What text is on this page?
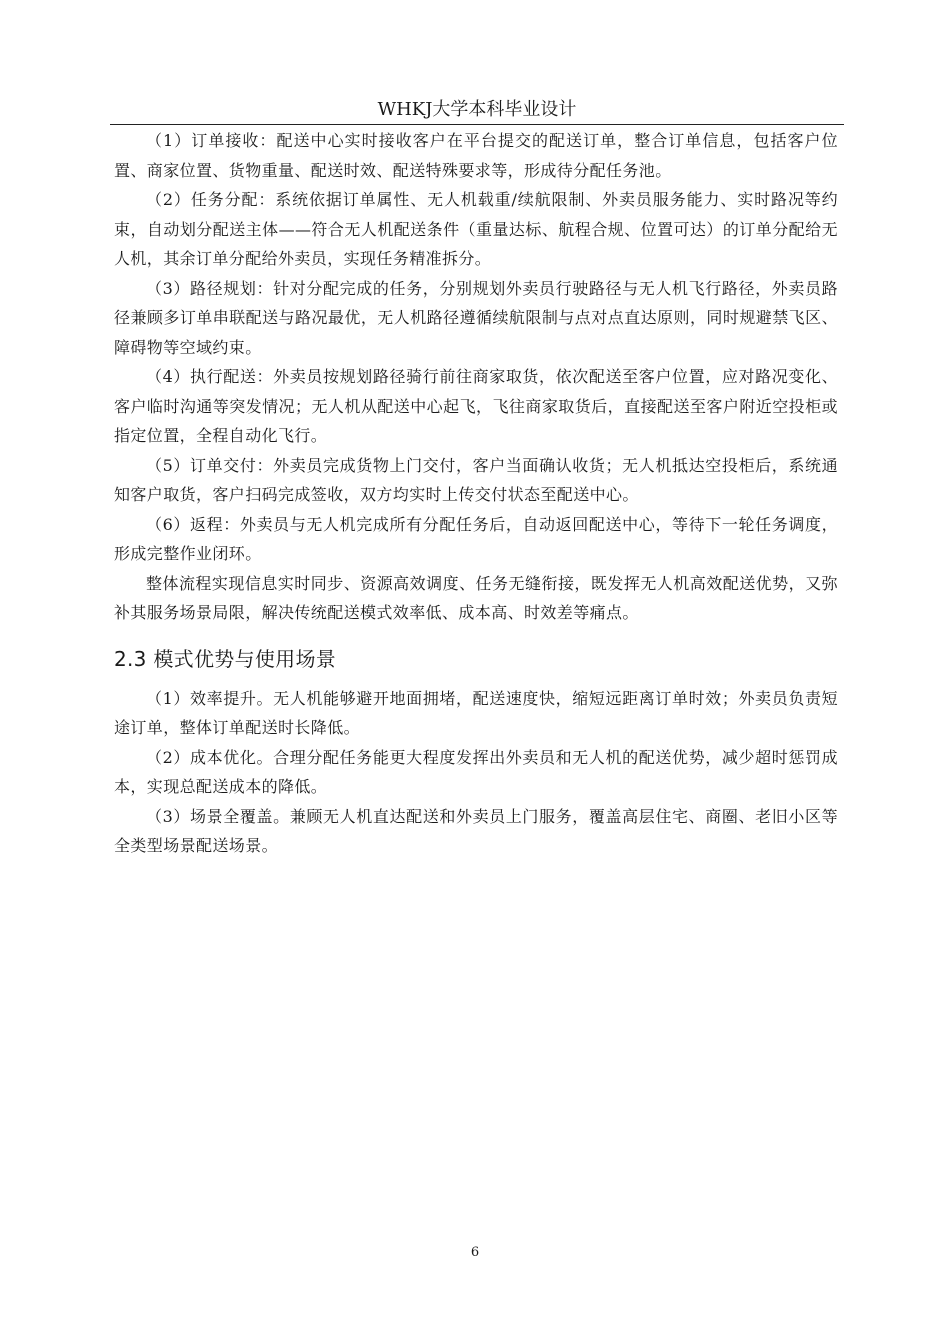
WHKJ大学本科毕业设计

（1）订单接收：配送中心实时接收客户在平台提交的配送订单，整合订单信息，包括客户位置、商家位置、货物重量、配送时效、配送特殊要求等，形成待分配任务池。

（2）任务分配：系统依据订单属性、无人机载重/续航限制、外卖员服务能力、实时路况等约束，自动划分配送主体——符合无人机配送条件（重量达标、航程合规、位置可达）的订单分配给无人机，其余订单分配给外卖员，实现任务精准拆分。

（3）路径规划：针对分配完成的任务，分别规划外卖员行驶路径与无人机飞行路径，外卖员路径兼顾多订单串联配送与路况最优，无人机路径遵循续航限制与点对点直达原则，同时规避禁飞区、障碍物等空域约束。

（4）执行配送：外卖员按规划路径骑行前往商家取货，依次配送至客户位置，应对路况变化、客户临时沟通等突发情况；无人机从配送中心起飞，飞往商家取货后，直接配送至客户附近空投柜或指定位置，全程自动化飞行。

（5）订单交付：外卖员完成货物上门交付，客户当面确认收货；无人机抵达空投柜后，系统通知客户取货，客户扫码完成签收，双方均实时上传交付状态至配送中心。

（6）返程：外卖员与无人机完成所有分配任务后，自动返回配送中心，等待下一轮任务调度，形成完整作业闭环。

整体流程实现信息实时同步、资源高效调度、任务无缝衔接，既发挥无人机高效配送优势，又弥补其服务场景局限，解决传统配送模式效率低、成本高、时效差等痛点。

2.3 模式优势与使用场景

（1）效率提升。无人机能够避开地面拥堵，配送速度快，缩短远距离订单时效；外卖员负责短途订单，整体订单配送时长降低。

（2）成本优化。合理分配任务能更大程度发挥出外卖员和无人机的配送优势，减少超时惩罚成本，实现总配送成本的降低。

（3）场景全覆盖。兼顾无人机直达配送和外卖员上门服务，覆盖高层住宅、商圈、老旧小区等全类型场景配送场景。

6
